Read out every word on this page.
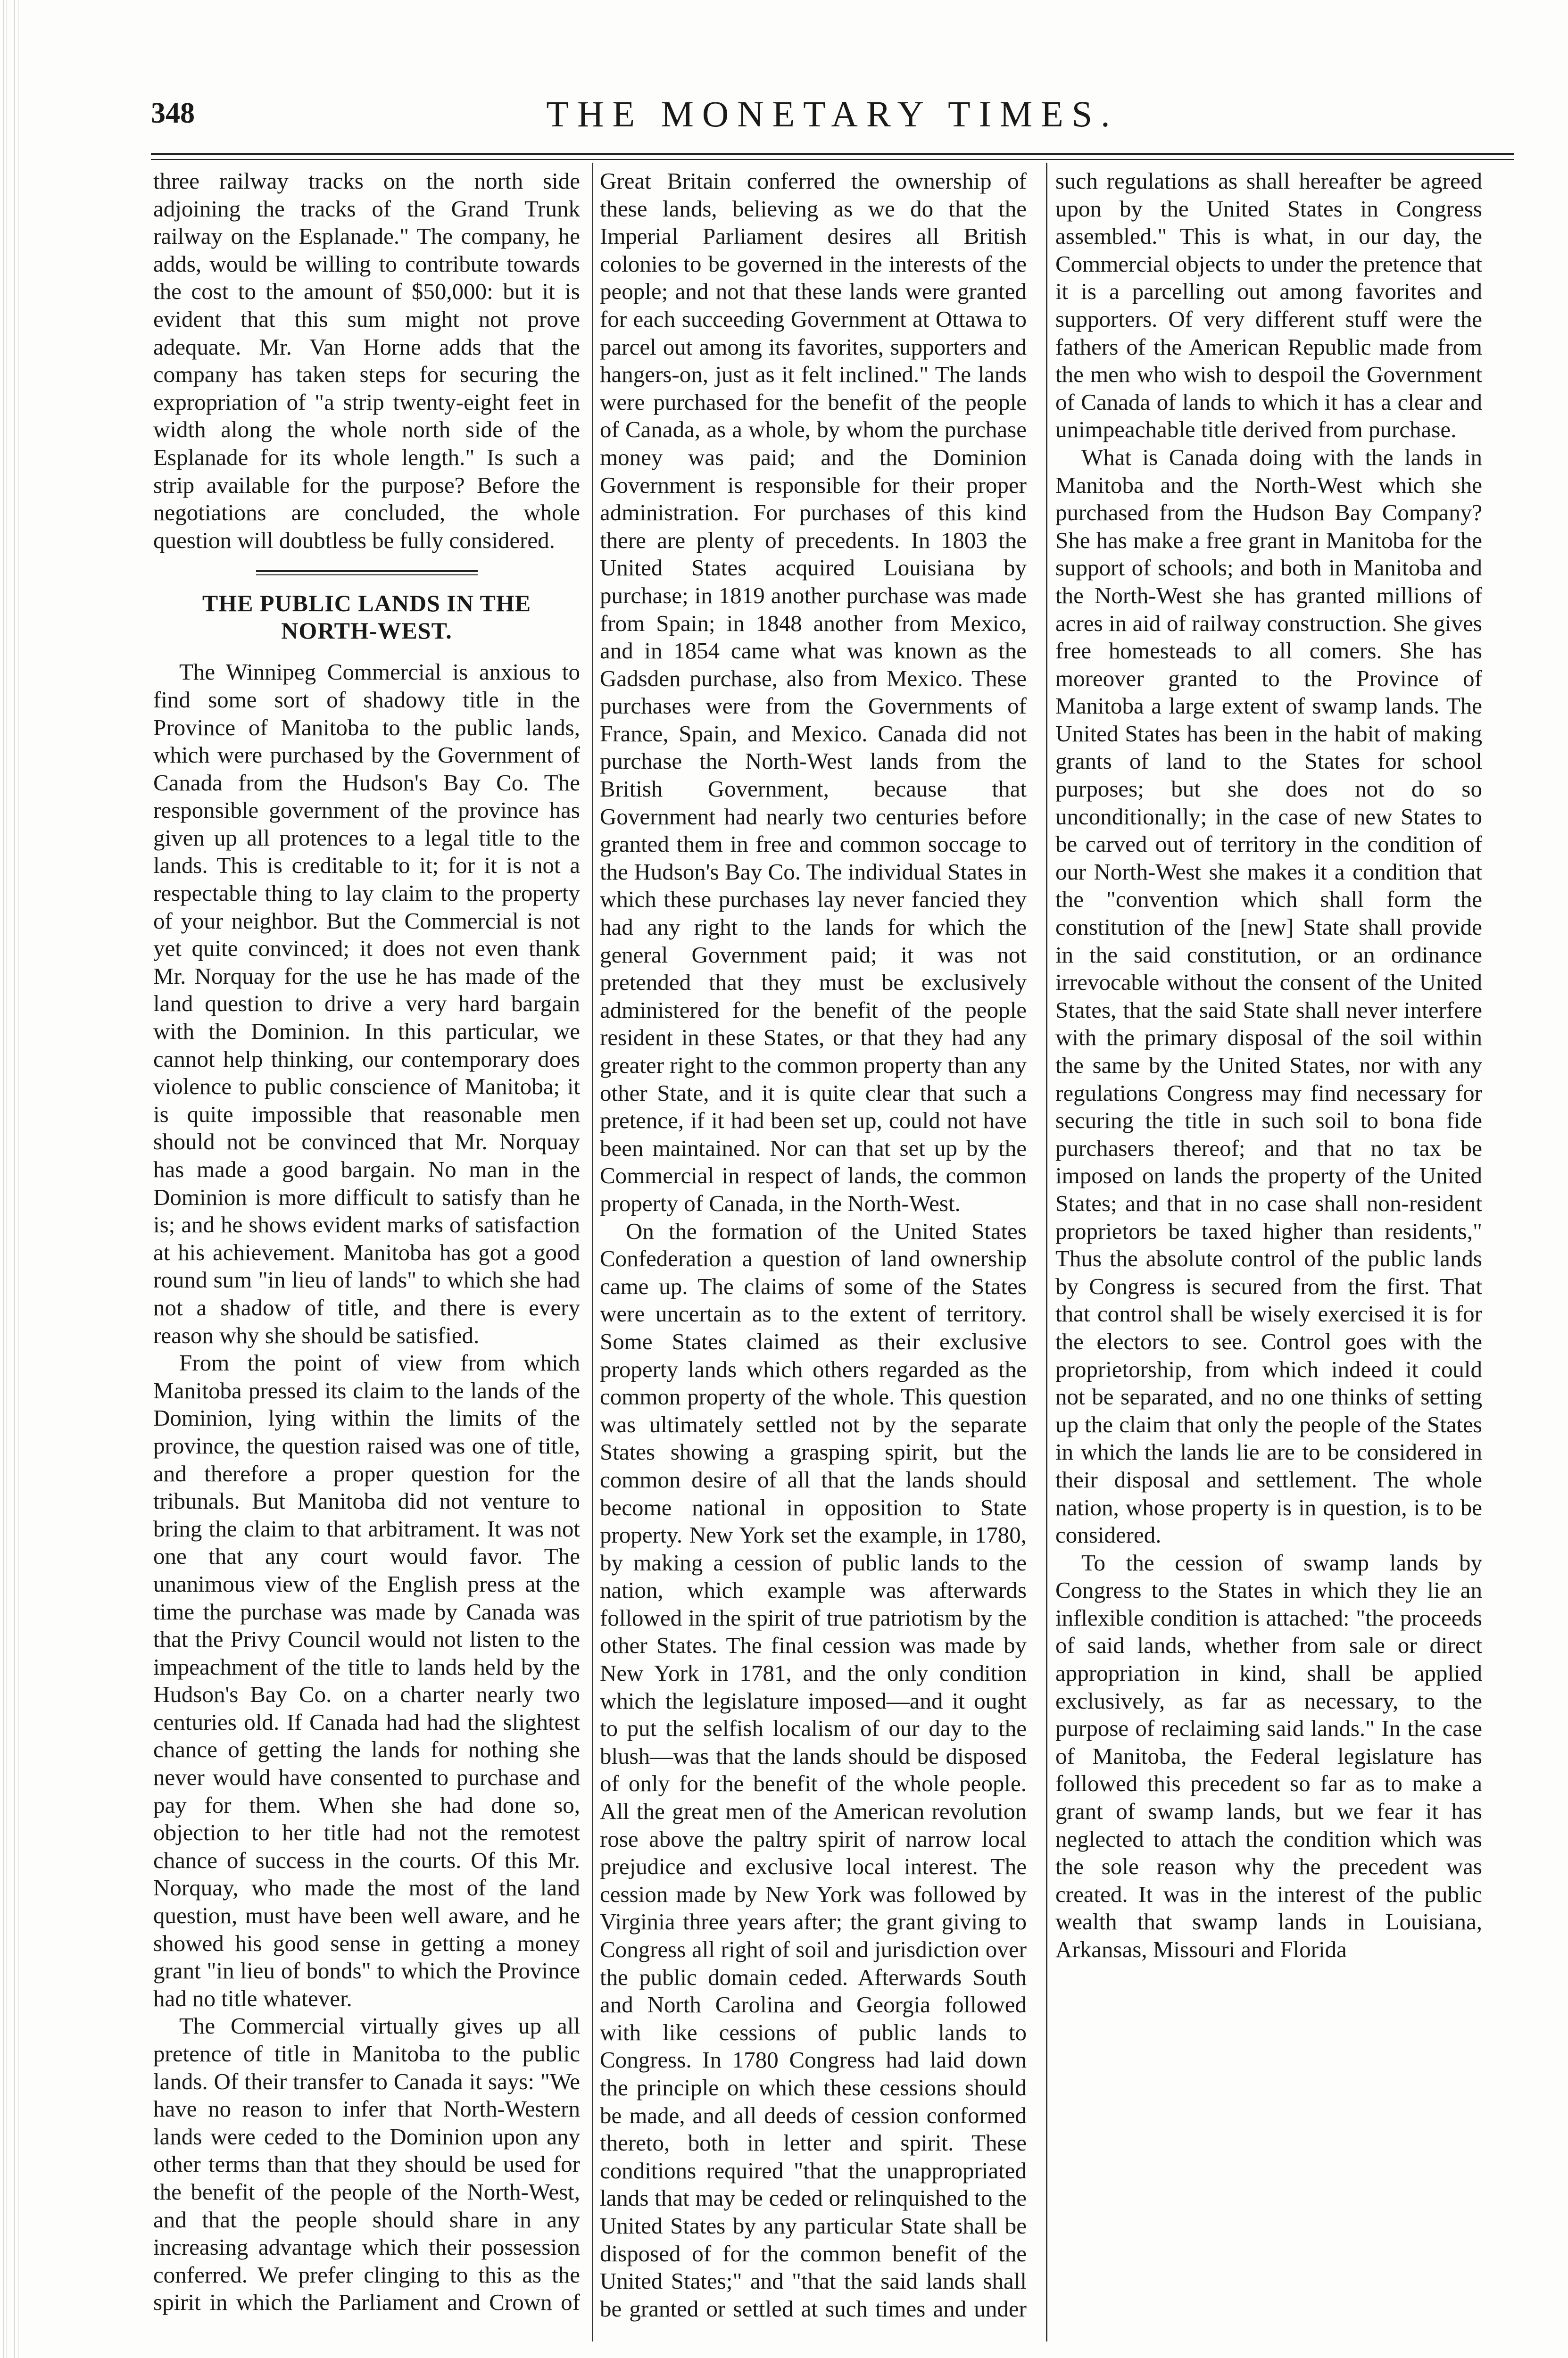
348	THE MONETARY TIMES.

three railway tracks on the north side adjoining the tracks of the Grand Trunk railway on the Esplanade." The company, he adds, would be willing to contribute towards the cost to the amount of $50,000: but it is evident that this sum might not prove adequate. Mr. Van Horne adds that the company has taken steps for securing the expropriation of "a strip twenty-eight feet in width along the whole north side of the Esplanade for its whole length." Is such a strip available for the purpose? Before the negotiations are concluded, the whole question will doubtless be fully considered.

THE PUBLIC LANDS IN THE NORTH-WEST.

The Winnipeg Commercial is anxious to find some sort of shadowy title in the Province of Manitoba to the public lands, which were purchased by the Government of Canada from the Hudson's Bay Co. The responsible government of the province has given up all protences to a legal title to the lands. This is creditable to it; for it is not a respectable thing to lay claim to the property of your neighbor. But the Commercial is not yet quite convinced; it does not even thank Mr. Norquay for the use he has made of the land question to drive a very hard bargain with the Dominion. In this particular, we cannot help thinking, our contemporary does violence to public conscience of Manitoba; it is quite impossible that reasonable men should not be convinced that Mr. Norquay has made a good bargain. No man in the Dominion is more difficult to satisfy than he is; and he shows evident marks of satisfaction at his achievement. Manitoba has got a good round sum "in lieu of lands" to which she had not a shadow of title, and there is every reason why she should be satisfied.

From the point of view from which Manitoba pressed its claim to the lands of the Dominion, lying within the limits of the province, the question raised was one of title, and therefore a proper question for the tribunals. But Manitoba did not venture to bring the claim to that arbitrament. It was not one that any court would favor. The unanimous view of the English press at the time the purchase was made by Canada was that the Privy Council would not listen to the impeachment of the title to lands held by the Hudson's Bay Co. on a charter nearly two centuries old. If Canada had had the slightest chance of getting the lands for nothing she never would have consented to purchase and pay for them. When she had done so, objection to her title had not the remotest chance of success in the courts. Of this Mr. Norquay, who made the most of the land question, must have been well aware, and he showed his good sense in getting a money grant "in lieu of bonds" to which the Province had no title whatever.

The Commercial virtually gives up all pretence of title in Manitoba to the public lands. Of their transfer to Canada it says: "We have no reason to infer that North-Western lands were ceded to the Dominion upon any other terms than that they should be used for the benefit of the people of the North-West, and that the people should share in any increasing advantage which their possession conferred. We prefer clinging to this as the spirit in which the Parliament and Crown of

Great Britain conferred the ownership of these lands, believing as we do that the Imperial Parliament desires all British colonies to be governed in the interests of the people; and not that these lands were granted for each succeeding Government at Ottawa to parcel out among its favorites, supporters and hangers-on, just as it felt inclined." The lands were purchased for the benefit of the people of Canada, as a whole, by whom the purchase money was paid; and the Dominion Government is responsible for their proper administration. For purchases of this kind there are plenty of precedents. In 1803 the United States acquired Louisiana by purchase; in 1819 another purchase was made from Spain; in 1848 another from Mexico, and in 1854 came what was known as the Gadsden purchase, also from Mexico. These purchases were from the Governments of France, Spain, and Mexico. Canada did not purchase the North-West lands from the British Government, because that Government had nearly two centuries before granted them in free and common soccage to the Hudson's Bay Co. The individual States in which these purchases lay never fancied they had any right to the lands for which the general Government paid; it was not pretended that they must be exclusively administered for the benefit of the people resident in these States, or that they had any greater right to the common property than any other State, and it is quite clear that such a pretence, if it had been set up, could not have been maintained. Nor can that set up by the Commercial in respect of lands, the common property of Canada, in the North-West.

On the formation of the United States Confederation a question of land ownership came up. The claims of some of the States were uncertain as to the extent of territory. Some States claimed as their exclusive property lands which others regarded as the common property of the whole. This question was ultimately settled not by the separate States showing a grasping spirit, but the common desire of all that the lands should become national in opposition to State property. New York set the example, in 1780, by making a cession of public lands to the nation, which example was afterwards followed in the spirit of true patriotism by the other States. The final cession was made by New York in 1781, and the only condition which the legislature imposed—and it ought to put the selfish localism of our day to the blush—was that the lands should be disposed of only for the benefit of the whole people. All the great men of the American revolution rose above the paltry spirit of narrow local prejudice and exclusive local interest. The cession made by New York was followed by Virginia three years after; the grant giving to Congress all right of soil and jurisdiction over the public domain ceded. Afterwards South and North Carolina and Georgia followed with like cessions of public lands to Congress. In 1780 Congress had laid down the principle on which these cessions should be made, and all deeds of cession conformed thereto, both in letter and spirit. These conditions required "that the unappropriated lands that may be ceded or relinquished to the United States by any particular State shall be disposed of for the common benefit of the United States;" and "that the said lands shall be granted or settled at such times and under

such regulations as shall hereafter be agreed upon by the United States in Congress assembled." This is what, in our day, the Commercial objects to under the pretence that it is a parcelling out among favorites and supporters. Of very different stuff were the fathers of the American Republic made from the men who wish to despoil the Government of Canada of lands to which it has a clear and unimpeachable title derived from purchase.

What is Canada doing with the lands in Manitoba and the North-West which she purchased from the Hudson Bay Company? She has make a free grant in Manitoba for the support of schools; and both in Manitoba and the North-West she has granted millions of acres in aid of railway construction. She gives free homesteads to all comers. She has moreover granted to the Province of Manitoba a large extent of swamp lands. The United States has been in the habit of making grants of land to the States for school purposes; but she does not do so unconditionally; in the case of new States to be carved out of territory in the condition of our North-West she makes it a condition that the "convention which shall form the constitution of the [new] State shall provide in the said constitution, or an ordinance irrevocable without the consent of the United States, that the said State shall never interfere with the primary disposal of the soil within the same by the United States, nor with any regulations Congress may find necessary for securing the title in such soil to bona fide purchasers thereof; and that no tax be imposed on lands the property of the United States; and that in no case shall non-resident proprietors be taxed higher than residents," Thus the absolute control of the public lands by Congress is secured from the first. That that control shall be wisely exercised it is for the electors to see. Control goes with the proprietorship, from which indeed it could not be separated, and no one thinks of setting up the claim that only the people of the States in which the lands lie are to be considered in their disposal and settlement. The whole nation, whose property is in question, is to be considered.

To the cession of swamp lands by Congress to the States in which they lie an inflexible condition is attached: "the proceeds of said lands, whether from sale or direct appropriation in kind, shall be applied exclusively, as far as necessary, to the purpose of reclaiming said lands." In the case of Manitoba, the Federal legislature has followed this precedent so far as to make a grant of swamp lands, but we fear it has neglected to attach the condition which was the sole reason why the precedent was created. It was in the interest of the public wealth that swamp lands in Louisiana, Arkansas, Missouri and Florida
